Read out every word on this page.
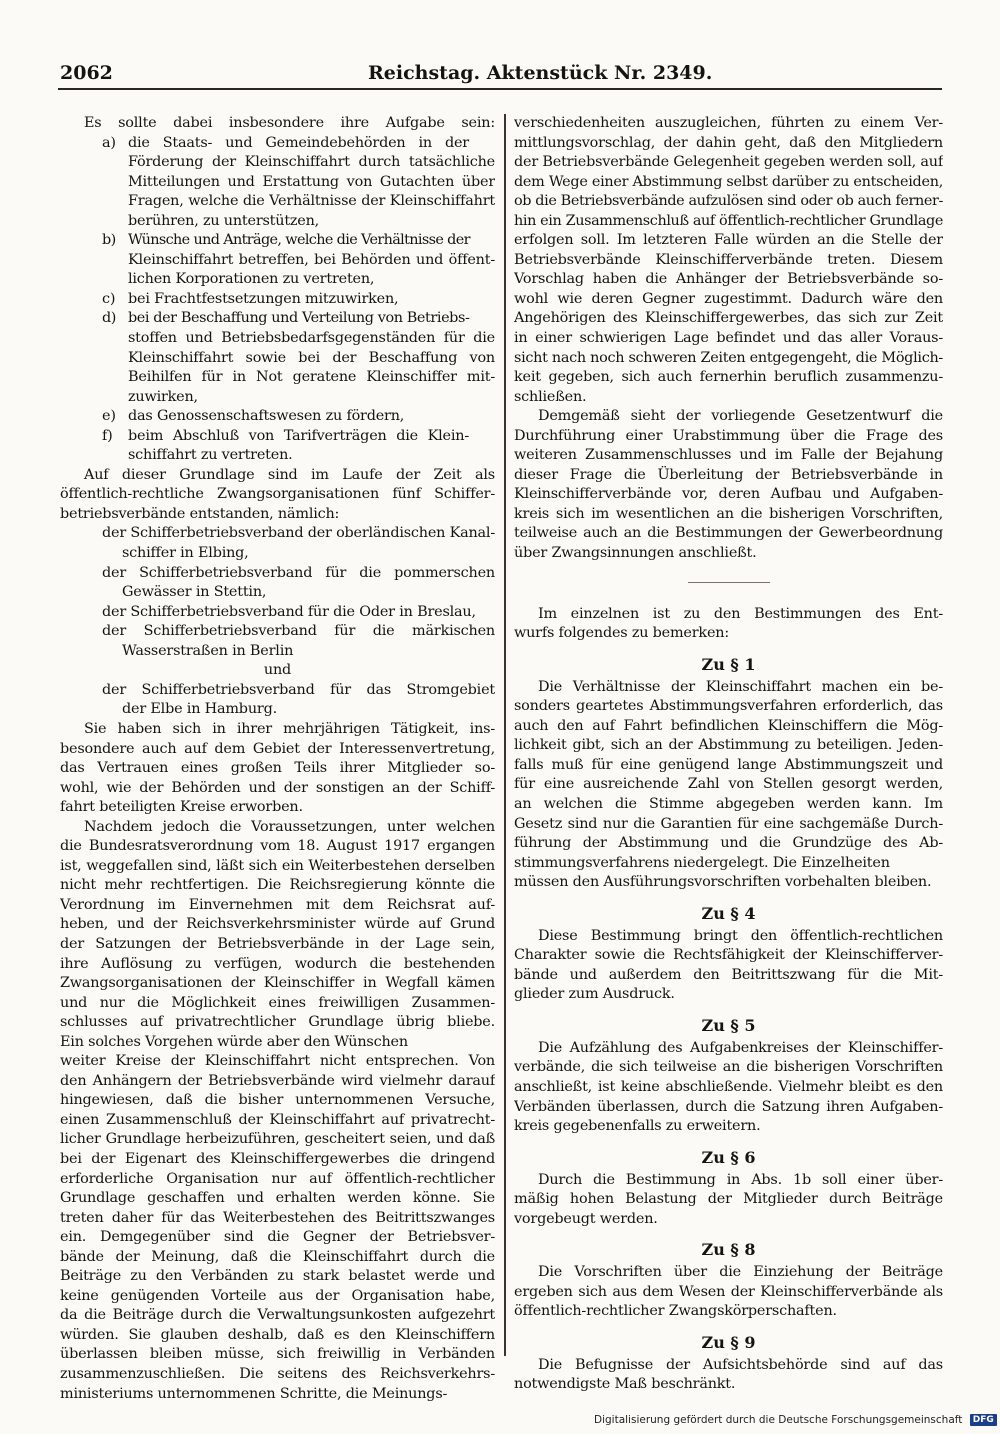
2062	Reichstag. Aktenstück Nr. 2349.
Es sollte dabei insbesondere ihre Aufgabe sein:
a) die Staats- und Gemeindebehörden in der
Förderung der Kleinschiffahrt durch tatsächliche
Mitteilungen und Erstattung von Gutachten über
Fragen, welche die Verhältnisse der Kleinschiffahrt
berühren, zu unterstützen,
b) Wünsche und Anträge, welche die Verhältnisse der
Kleinschiffahrt betreffen, bei Behörden und öffent-
lichen Korporationen zu vertreten,
c) bei Frachtfestsetzungen mitzuwirken,
d) bei der Beschaffung und Verteilung von Betriebs-
stoffen und Betriebsbedarfsgegenständen für die
Kleinschiffahrt sowie bei der Beschaffung von
Beihilfen für in Not geratene Kleinschiffer mit-
zuwirken,
e) das Genossenschaftswesen zu fördern,
f) beim Abschluß von Tarifverträgen die Klein-
schiffahrt zu vertreten.
Auf dieser Grundlage sind im Laufe der Zeit als
öffentlich-rechtliche Zwangsorganisationen fünf Schiffer-
betriebsverbände entstanden, nämlich:
der Schifferbetriebsverband der oberländischen Kanal-
schiffer in Elbing,
der Schifferbetriebsverband für die pommerschen
Gewässer in Stettin,
der Schifferbetriebsverband für die Oder in Breslau,
der Schifferbetriebsverband für die märkischen
Wasserstraßen in Berlin
und
der Schifferbetriebsverband für das Stromgebiet
der Elbe in Hamburg.
Sie haben sich in ihrer mehrjährigen Tätigkeit, ins-
besondere auch auf dem Gebiet der Interessenvertretung,
das Vertrauen eines großen Teils ihrer Mitglieder so-
wohl, wie der Behörden und der sonstigen an der Schiff-
fahrt beteiligten Kreise erworben.
Nachdem jedoch die Voraussetzungen, unter welchen
die Bundesratsverordnung vom 18. August 1917 ergangen
ist, weggefallen sind, läßt sich ein Weiterbestehen derselben
nicht mehr rechtfertigen. Die Reichsregierung könnte die
Verordnung im Einvernehmen mit dem Reichsrat auf-
heben, und der Reichsverkehrsminister würde auf Grund
der Satzungen der Betriebsverbände in der Lage sein,
ihre Auflösung zu verfügen, wodurch die bestehenden
Zwangsorganisationen der Kleinschiffer in Wegfall kämen
und nur die Möglichkeit eines freiwilligen Zusammen-
schlusses auf privatrechtlicher Grundlage übrig bliebe.
Ein solches Vorgehen würde aber den Wünschen
weiter Kreise der Kleinschiffahrt nicht entsprechen. Von
den Anhängern der Betriebsverbände wird vielmehr darauf
hingewiesen, daß die bisher unternommenen Versuche,
einen Zusammenschluß der Kleinschiffahrt auf privatrecht-
licher Grundlage herbeizuführen, gescheitert seien, und daß
bei der Eigenart des Kleinschiffergewerbes die dringend
erforderliche Organisation nur auf öffentlich-rechtlicher
Grundlage geschaffen und erhalten werden könne. Sie
treten daher für das Weiterbestehen des Beitrittszwanges
ein. Demgegenüber sind die Gegner der Betriebsver-
bände der Meinung, daß die Kleinschiffahrt durch die
Beiträge zu den Verbänden zu stark belastet werde und
keine genügenden Vorteile aus der Organisation habe,
da die Beiträge durch die Verwaltungsunkosten aufgezehrt
würden. Sie glauben deshalb, daß es den Kleinschiffern
überlassen bleiben müsse, sich freiwillig in Verbänden
zusammenzuschließen. Die seitens des Reichsverkehrs-
ministeriums unternommenen Schritte, die Meinungs-
verschiedenheiten auszugleichen, führten zu einem Ver-
mittlungsvorschlag, der dahin geht, daß den Mitgliedern
der Betriebsverbände Gelegenheit gegeben werden soll, auf
dem Wege einer Abstimmung selbst darüber zu entscheiden,
ob die Betriebsverbände aufzulösen sind oder ob auch ferner-
hin ein Zusammenschluß auf öffentlich-rechtlicher Grundlage
erfolgen soll. Im letzteren Falle würden an die Stelle der
Betriebsverbände Kleinschifferverbände treten. Diesem
Vorschlag haben die Anhänger der Betriebsverbände so-
wohl wie deren Gegner zugestimmt. Dadurch wäre den
Angehörigen des Kleinschiffergewerbes, das sich zur Zeit
in einer schwierigen Lage befindet und das aller Voraus-
sicht nach noch schweren Zeiten entgegengeht, die Möglich-
keit gegeben, sich auch fernerhin beruflich zusammenzu-
schließen.
Demgemäß sieht der vorliegende Gesetzentwurf die
Durchführung einer Urabstimmung über die Frage des
weiteren Zusammenschlusses und im Falle der Bejahung
dieser Frage die Überleitung der Betriebsverbände in
Kleinschifferverbände vor, deren Aufbau und Aufgaben-
kreis sich im wesentlichen an die bisherigen Vorschriften,
teilweise auch an die Bestimmungen der Gewerbeordnung
über Zwangsinnungen anschließt.
Im einzelnen ist zu den Bestimmungen des Ent-
wurfs folgendes zu bemerken:
Zu § 1
Die Verhältnisse der Kleinschiffahrt machen ein be-
sonders geartetes Abstimmungsverfahren erforderlich, das
auch den auf Fahrt befindlichen Kleinschiffern die Mög-
lichkeit gibt, sich an der Abstimmung zu beteiligen. Jeden-
falls muß für eine genügend lange Abstimmungszeit und
für eine ausreichende Zahl von Stellen gesorgt werden,
an welchen die Stimme abgegeben werden kann. Im
Gesetz sind nur die Garantien für eine sachgemäße Durch-
führung der Abstimmung und die Grundzüge des Ab-
stimmungsverfahrens niedergelegt. Die Einzelheiten
müssen den Ausführungsvorschriften vorbehalten bleiben.
Zu § 4
Diese Bestimmung bringt den öffentlich-rechtlichen
Charakter sowie die Rechtsfähigkeit der Kleinschifferver-
bände und außerdem den Beitrittszwang für die Mit-
glieder zum Ausdruck.
Zu § 5
Die Aufzählung des Aufgabenkreises der Kleinschiffer-
verbände, die sich teilweise an die bisherigen Vorschriften
anschließt, ist keine abschließende. Vielmehr bleibt es den
Verbänden überlassen, durch die Satzung ihren Aufgaben-
kreis gegebenenfalls zu erweitern.
Zu § 6
Durch die Bestimmung in Abs. 1b soll einer über-
mäßig hohen Belastung der Mitglieder durch Beiträge
vorgebeugt werden.
Zu § 8
Die Vorschriften über die Einziehung der Beiträge
ergeben sich aus dem Wesen der Kleinschifferverbände als
öffentlich-rechtlicher Zwangskörperschaften.
Zu § 9
Die Befugnisse der Aufsichtsbehörde sind auf das
notwendigste Maß beschränkt.
Digitalisierung gefördert durch die Deutsche Forschungsgemeinschaft DFG
